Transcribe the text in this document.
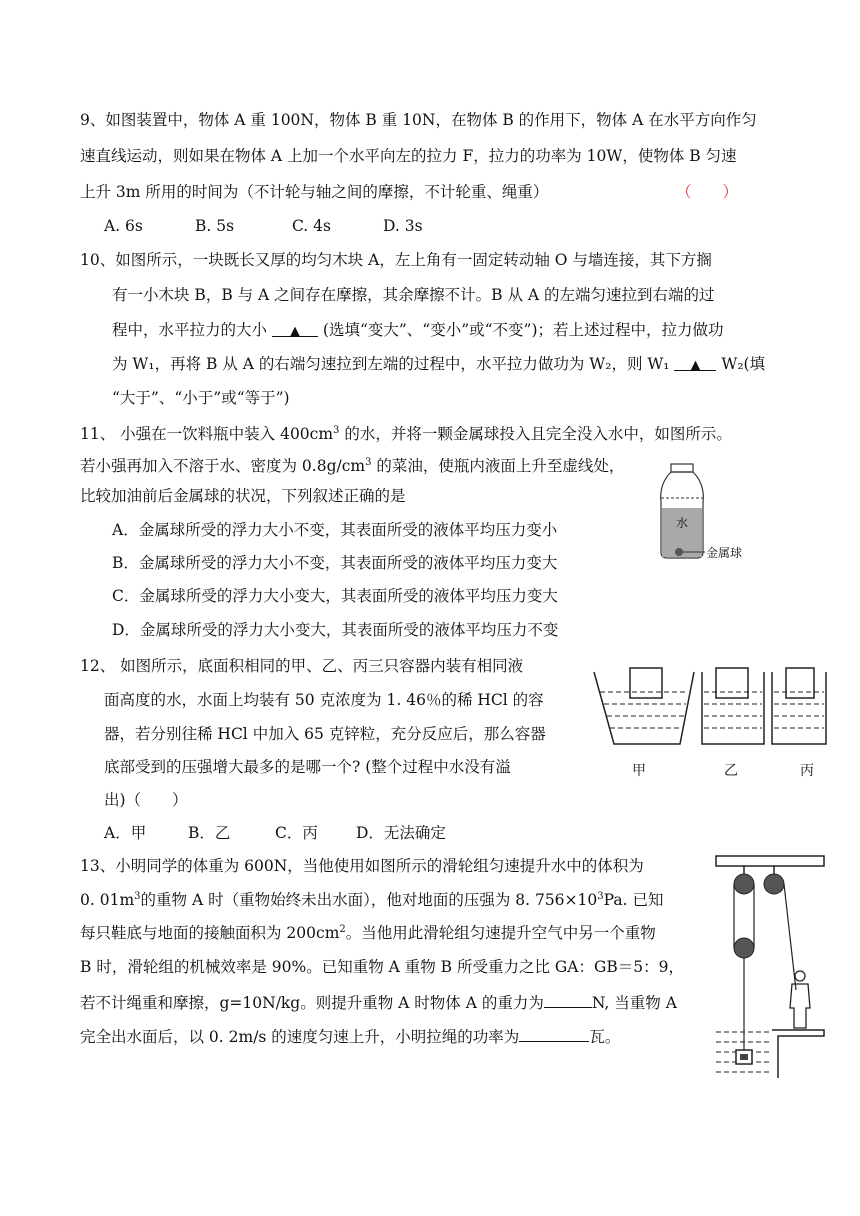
9、如图装置中，物体 A 重 100N，物体 B 重 10N，在物体 B 的作用下，物体 A 在水平方向作匀
速直线运动，则如果在物体 A 上加一个水平向左的拉力 F，拉力的功率为 10W，使物体 B 匀速
上升 3m 所用的时间为（不计轮与轴之间的摩擦，不计轮重、绳重）	（　　）
A. 6s	B. 5s	C. 4s	D. 3s
10、如图所示，一块既长又厚的均匀木块 A，左上角有一固定转动轴 O 与墙连接，其下方搁
有一小木块 B，B 与 A 之间存在摩擦，其余摩擦不计。B 从 A 的左端匀速拉到右端的过
程中，水平拉力的大小 ▲ (选填“变大”、“变小”或“不变”)；若上述过程中，拉力做功
为 W₁，再将 B 从 A 的右端匀速拉到左端的过程中，水平拉力做功为 W₂，则 W₁ ▲ W₂(填
“大于”、“小于”或“等于”)
11、 小强在一饮料瓶中装入 $400cm^3$ 的水，并将一颗金属球投入且完全没入水中，如图所示。
若小强再加入不溶于水、密度为 $0.8g/cm^3$ 的菜油，使瓶内液面上升至虚线处，
比较加油前后金属球的状况，下列叙述正确的是
A．金属球所受的浮力大小不变，其表面所受的液体平均压力变小
B．金属球所受的浮力大小不变，其表面所受的液体平均压力变大
C．金属球所受的浮力大小变大，其表面所受的液体平均压力变大
D．金属球所受的浮力大小变大，其表面所受的液体平均压力不变
水
金属球
12、 如图所示，底面积相同的甲、乙、丙三只容器内装有相同液
面高度的水，水面上均装有 50 克浓度为 1. 46％的稀 HCl 的容
器，若分别往稀 HCl 中加入 65 克锌粒，充分反应后，那么容器
底部受到的压强增大最多的是哪一个? (整个过程中水没有溢
出)（　　）
A．甲	B．乙	C．丙 D．无法确定
甲	乙	丙
13、小明同学的体重为 600N，当他使用如图所示的滑轮组匀速提升水中的体积为
0. $01m^3$的重物 A 时（重物始终未出水面），他对地面的压强为 8. $756\times 10^3Pa$. 已知
每只鞋底与地面的接触面积为 $200cm^2$。当他用此滑轮组匀速提升空气中另一个重物
B 时，滑轮组的机械效率是 90%。已知重物 A 重物 B 所受重力之比 GA：GB＝5：9，
若不计绳重和摩擦，g=10N/kg。则提升重物 A 时物体 A 的重力为	N, 当重物 A
完全出水面后，以 0. 2m/s 的速度匀速上升，小明拉绳的功率为	瓦。
